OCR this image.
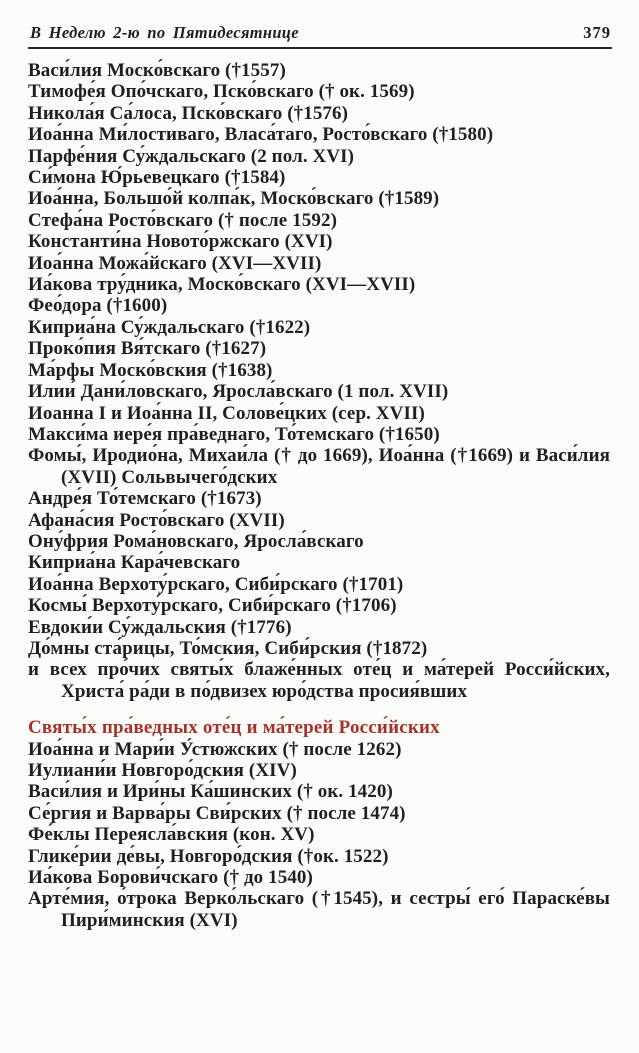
В Неделю 2-ю по Пятидесятнице	379
Васи́лия Моско́вскаго (†1557)
Тимофе́я Опо́чскаго, Пско́вскаго († ок. 1569)
Никола́я Са́лоса, Пско́вскаго (†1576)
Иоа́нна Ми́лостиваго, Власа́таго, Росто́вскаго (†1580)
Парфе́ния Су́ждальскаго (2 пол. XVI)
Си́мона Ю́рьевецкаго (†1584)
Иоа́нна, Большо́й колпа́к, Моско́вскаго (†1589)
Стефа́на Росто́вскаго († после 1592)
Константи́на Новото́ржскаго (XVI)
Иоа́нна Можа́йскаго (XVI—XVII)
Иа́кова тру́дника, Моско́вскаго (XVI—XVII)
Фео́дора (†1600)
Киприа́на Су́ждальскаго (†1622)
Проко́пия Вя́тскаго (†1627)
Ма́рфы Моско́вския (†1638)
Илии́ Дани́ловскаго, Яросла́вскаго (1 пол. XVII)
Иоанна I и Иоа́нна II, Солове́цких (сер. XVII)
Макси́ма иере́я пра́веднаго, То́темскаго (†1650)
Фомы́, Иродио́на, Михаи́ла († до 1669), Иоа́нна (†1669) и Васи́лия (XVII) Сольвычего́дских
Андре́я То́темскаго (†1673)
Афана́сия Росто́вскаго (XVII)
Ону́фрия Рома́новскаго, Яросла́вскаго
Киприа́на Кара́чевскаго
Иоа́нна Верхоту́рскаго, Сиби́рскаго (†1701)
Космы́ Верхоту́рскаго, Сиби́рскаго (†1706)
Евдоки́и Су́ждальския (†1776)
До́мны ста́рицы, То́мския, Сиби́рския (†1872)
и всех про́чих святы́х блаже́нных оте́ц и ма́терей Росси́йских, Христа́ ра́ди в по́двизех юро́дства просия́вших
Святы́х пра́ведных оте́ц и ма́терей Росси́йских
Иоа́нна и Мари́и У́стюжских († после 1262)
Иулиани́и Новгоро́дския (XIV)
Васи́лия и Ири́ны Ка́шинских († ок. 1420)
Се́ргия и Варва́ры Сви́рских († после 1474)
Фе́клы Переясла́вския (кон. XV)
Глике́рии де́вы, Новгоро́дския (†ок. 1522)
Иа́кова Борови́чскаго († до 1540)
Арте́мия, о́трока Верко́льскаго (†1545), и сестры́ его́ Параске́вы Пири́минския (XVI)
